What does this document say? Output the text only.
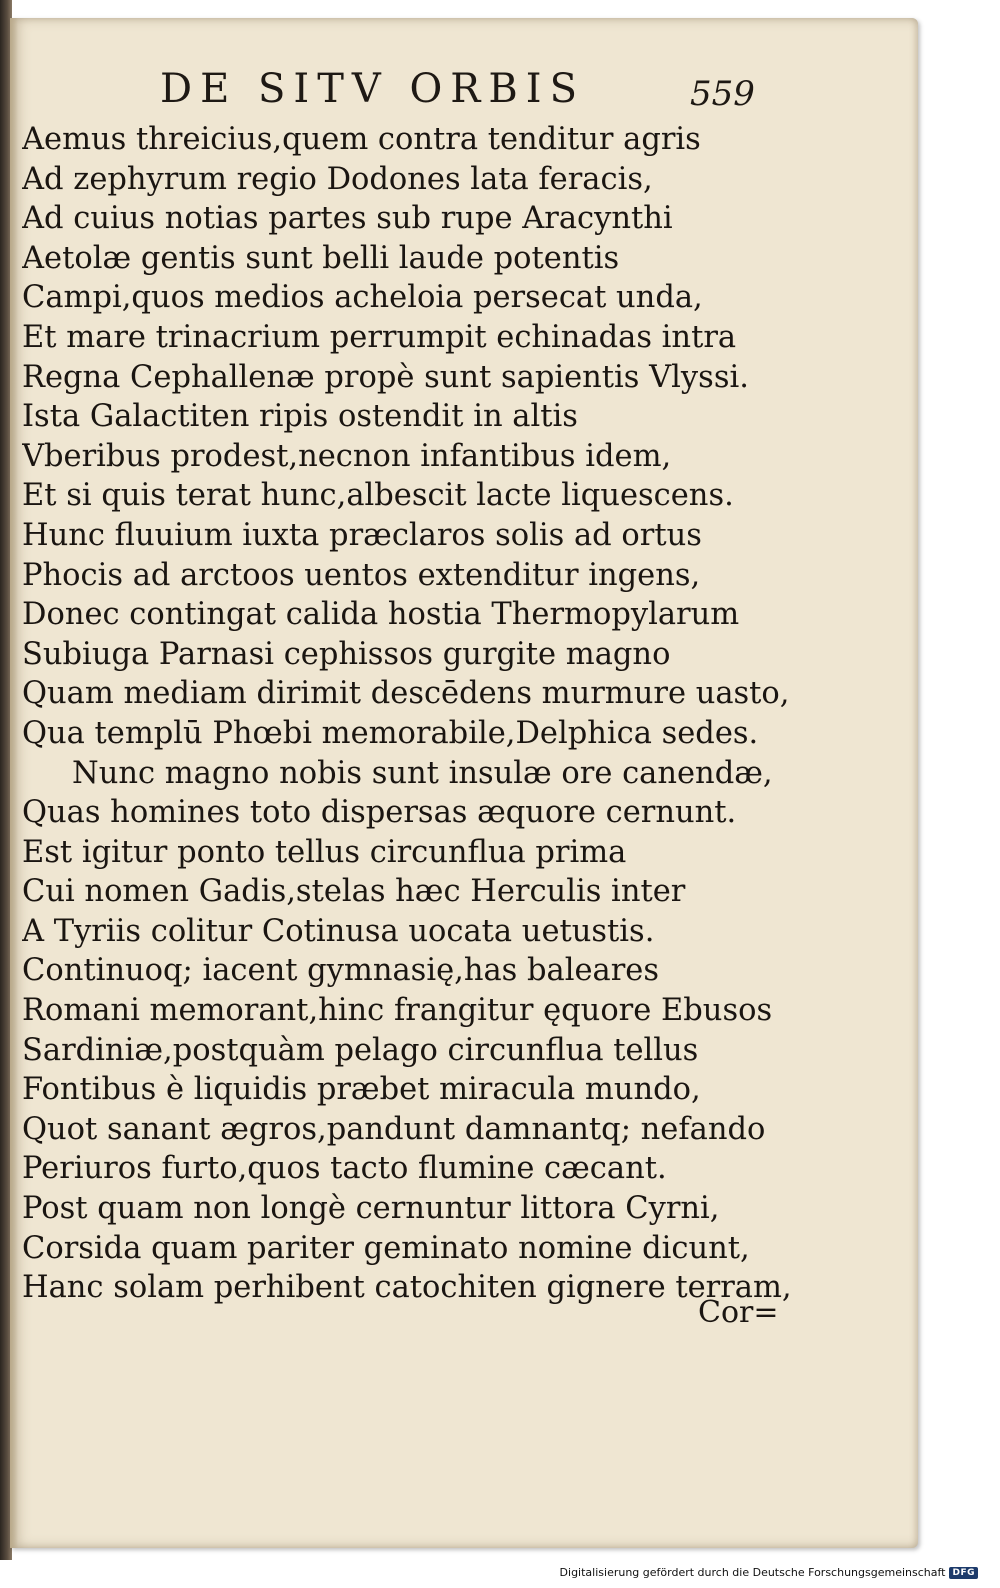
DE SITV ORBIS	559
Aemus threicius,quem contra tenditur agris
Ad zephyrum regio Dodones lata feracis,
Ad cuius notias partes sub rupe Aracynthi
Aetolæ gentis sunt belli laude potentis
Campi,quos medios acheloia persecat unda,
Et mare trinacrium perrumpit echinadas intra
Regna Cephallenæ propè sunt sapientis Vlyssi.
Ista Galactiten ripis ostendit in altis
Vberibus prodest,necnon infantibus idem,
Et si quis terat hunc,albescit lacte liquescens.
Hunc fluuium iuxta præclaros solis ad ortus
Phocis ad arctoos uentos extenditur ingens,
Donec contingat calida hostia Thermopylarum
Subiuga Parnasi cephissos gurgite magno
Quam mediam dirimit descēdens murmure uasto,
Qua templū Phœbi memorabile,Delphica sedes.
Nunc magno nobis sunt insulæ ore canendæ,
Quas homines toto dispersas æquore cernunt.
Est igitur ponto tellus circunflua prima
Cui nomen Gadis,stelas hæc Herculis inter
A Tyriis colitur Cotinusa uocata uetustis.
Continuoq; iacent gymnasię,has baleares
Romani memorant,hinc frangitur ęquore Ebusos
Sardiniæ,postquàm pelago circunflua tellus
Fontibus è liquidis præbet miracula mundo,
Quot sanant ægros,pandunt damnantq; nefando
Periuros furto,quos tacto flumine cæcant.
Post quam non longè cernuntur littora Cyrni,
Corsida quam pariter geminato nomine dicunt,
Hanc solam perhibent catochiten gignere terram,
Cor=
Digitalisierung gefördert durch die Deutsche Forschungsgemeinschaft DFG
